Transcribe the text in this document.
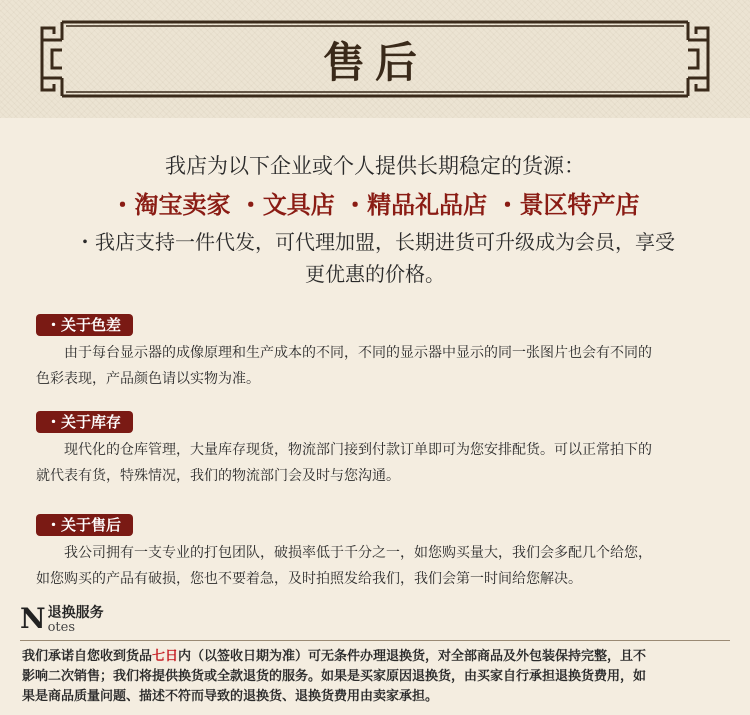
售后
我店为以下企业或个人提供长期稳定的货源：
・淘宝卖家 ・文具店 ・精品礼品店 ・景区特产店
・我店支持一件代发，可代理加盟，长期进货可升级成为会员，享受
更优惠的价格。
・关于色差
由于每台显示器的成像原理和生产成本的不同，不同的显示器中显示的同一张图片也会有不同的
色彩表现，产品颜色请以实物为准。
・关于库存
现代化的仓库管理，大量库存现货，物流部门接到付款订单即可为您安排配货。可以正常拍下的
就代表有货，特殊情况，我们的物流部门会及时与您沟通。
・关于售后
我公司拥有一支专业的打包团队，破损率低于千分之一，如您购买量大，我们会多配几个给您，
如您购买的产品有破损，您也不要着急，及时拍照发给我们，我们会第一时间给您解决。
N 退换服务
otes
我们承诺自您收到货品七日内（以签收日期为准）可无条件办理退换货，对全部商品及外包装保持完整，且不
影响二次销售；我们将提供换货或全款退货的服务。如果是买家原因退换货，由买家自行承担退换货费用，如
果是商品质量问题、描述不符而导致的退换货、退换货费用由卖家承担。
